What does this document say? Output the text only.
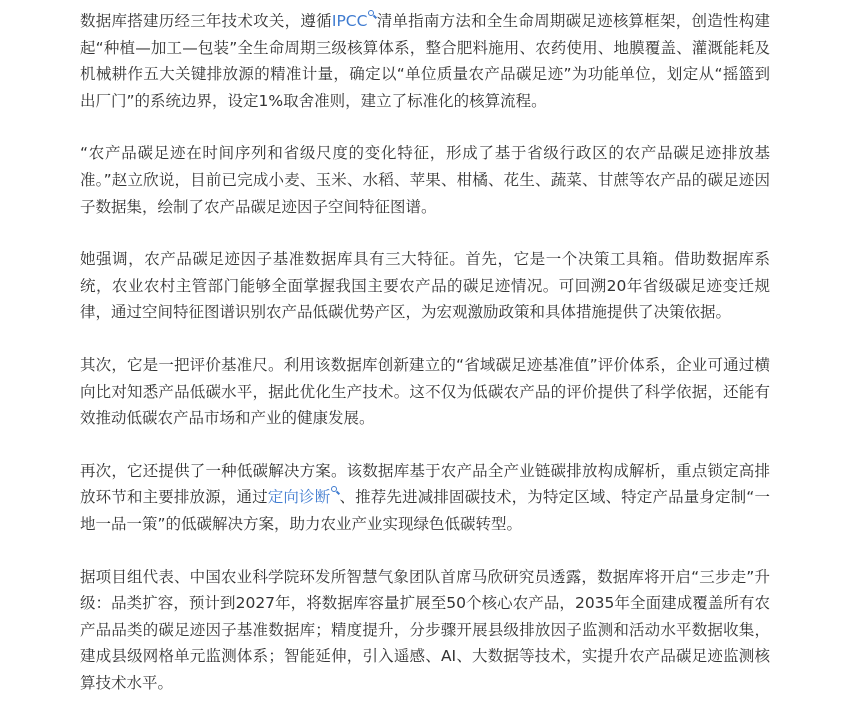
数据库搭建历经三年技术攻关，遵循IPCC 清单指南方法和全生命周期碳足迹核算框架，创造性构建起“种植—加工—包装”全生命周期三级核算体系，整合肥料施用、农药使用、地膜覆盖、灌溉能耗及机械耕作五大关键排放源的精准计量，确定以“单位质量农产品碳足迹”为功能单位，划定从“摇篮到出厂门”的系统边界，设定1%取舍准则，建立了标准化的核算流程。

“农产品碳足迹在时间序列和省级尺度的变化特征，形成了基于省级行政区的农产品碳足迹排放基准。”赵立欣说，目前已完成小麦、玉米、水稻、苹果、柑橘、花生、蔬菜、甘蔗等农产品的碳足迹因子数据集，绘制了农产品碳足迹因子空间特征图谱。

她强调，农产品碳足迹因子基准数据库具有三大特征。首先，它是一个决策工具箱。借助数据库系统，农业农村主管部门能够全面掌握我国主要农产品的碳足迹情况。可回溯20年省级碳足迹变迁规律，通过空间特征图谱识别农产品低碳优势产区，为宏观激励政策和具体措施提供了决策依据。

其次，它是一把评价基准尺。利用该数据库创新建立的“省域碳足迹基准值”评价体系，企业可通过横向比对知悉产品低碳水平，据此优化生产技术。这不仅为低碳农产品的评价提供了科学依据，还能有效推动低碳农产品市场和产业的健康发展。

再次，它还提供了一种低碳解决方案。该数据库基于农产品全产业链碳排放构成解析，重点锁定高排放环节和主要排放源，通过定向诊断 、推荐先进减排固碳技术，为特定区域、特定产品量身定制“一地一品一策”的低碳解决方案，助力农业产业实现绿色低碳转型。

据项目组代表、中国农业科学院环发所智慧气象团队首席马欣研究员透露，数据库将开启“三步走”升级：品类扩容，预计到2027年，将数据库容量扩展至50个核心农产品，2035年全面建成覆盖所有农产品品类的碳足迹因子基准数据库；精度提升，分步骤开展县级排放因子监测和活动水平数据收集，建成县级网格单元监测体系；智能延伸，引入遥感、AI、大数据等技术，实提升农产品碳足迹监测核算技术水平。
